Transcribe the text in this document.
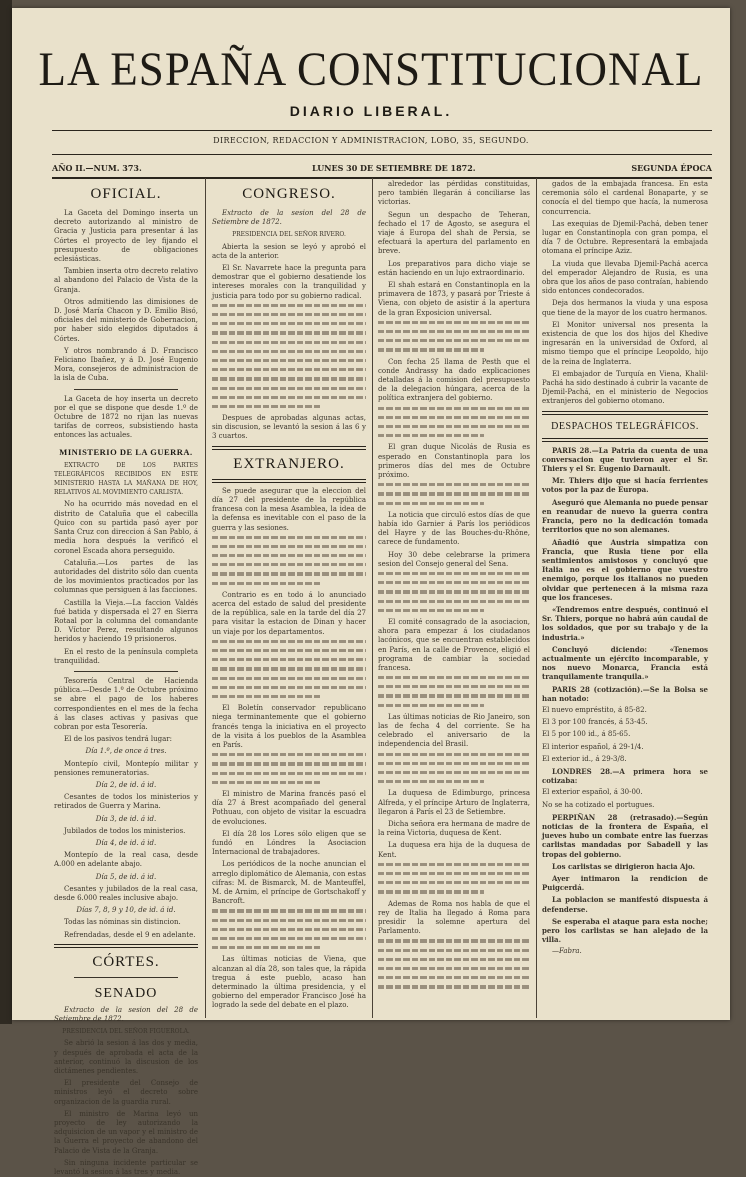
LA ESPAÑA CONSTITUCIONAL
DIARIO LIBERAL.
DIRECCION, REDACCION Y ADMINISTRACION, LOBO, 35, SEGUNDO.
AÑO II.—NUM. 373.	LUNES 30 DE SETIEMBRE DE 1872.	SEGUNDA ÉPOCA
OFICIAL.
La Gaceta del Domingo inserta un decreto autorizando al ministro de Gracia y Justicia para presentar á las Córtes el proyecto de ley fijando el presupuesto de obligaciones eclesiásticas.
Tambien inserta otro decreto relativo al abandono del Palacio de Vista de la Granja.
Otros admitiendo las dimisiones de D. José María Chacon y D. Emilio Bisó, oficiales del ministerio de Gobernacion, por haber sido elegidos diputados á Córtes.
Y otros nombrando á D. Francisco Feliciano Ibañez, y á D. José Eugenio Mora, consejeros de administracion de la isla de Cuba.
La Gaceta de hoy inserta un decreto por el que se dispone que desde 1.º de Octubre de 1872 no rijan las nuevas tarifas de correos, subsistiendo hasta entonces las actuales.
MINISTERIO DE LA GUERRA.
EXTRACTO DE LOS PARTES TELEGRÁFICOS RECIBIDOS EN ESTE MINISTERIO HASTA LA MAÑANA DE HOY, RELATIVOS AL MOVIMIENTO CARLISTA.
No ha ocurrido más novedad en el distrito de Cataluña que el cabecilla Quico con su partida pasó ayer por Santa Cruz con direccion á San Pablo, á media hora después la verificó el coronel Escada ahora perseguido.
Cataluña.—Los partes de las autoridades del distrito sólo dan cuenta de los movimientos practicados por las columnas que persiguen á las facciones.
Castilla la Vieja.—La faccion Valdés fué batida y dispersada el 27 en Sierra Rotaal por la columna del comandante D. Víctor Perez, resultando algunos heridos y haciendo 19 prisioneros.
En el resto de la península completa tranquilidad.
Tesorería Central de Hacienda pública.—Desde 1.º de Octubre próximo se abre el pago de los haberes correspondientes en el mes de la fecha á las clases activas y pasivas que cobran por esta Tesorería.
El de los pasivos tendrá lugar:
Día 1.º, de once á tres.
Montepío civil, Montepío militar y pensiones remuneratorias.
Día 2, de id. á id.
Cesantes de todos los ministerios y retirados de Guerra y Marina.
Día 3, de id. á id.
Jubilados de todos los ministerios.
Día 4, de id. á id.
Montepío de la real casa, desde A.000 en adelante abajo.
Día 5, de id. á id.
Cesantes y jubilados de la real casa, desde 6.000 reales inclusive abajo.
Días 7, 8, 9 y 10, de id. á id.
Todas las nóminas sin distincion.
Refrendadas, desde el 9 en adelante.
CÓRTES.
SENADO
Extracto de la sesion del 28 de Setiembre de 1872.
PRESIDENCIA DEL SEÑOR FIGUEROLA.
Se abrió la sesion á las dos y media, y después de aprobada el acta de la anterior, continuó la discusion de los dictámenes pendientes.
El presidente del Consejo de ministros leyó el decreto sobre organizacion de la guardia rural.
El ministro de Marina leyó un proyecto de ley autorizando la adquisicion de un vapor y el ministro de la Guerra el proyecto de abandono del Palacio de Vista de la Granja.
Sin ninguna incidente particular se levantó la sesion á las tres y media.
CONGRESO.
Extracto de la sesion del 28 de Setiembre de 1872.
PRESIDENCIA DEL SEÑOR RIVERO.
Abierta la sesion se leyó y aprobó el acta de la anterior.
El Sr. Navarrete hace la pregunta para demostrar que el gobierno desatiende los intereses morales con la tranquilidad y justicia para todo por su gobierno radical.
Despues de aprobadas algunas actas, sin discusion, se levantó la sesion á las 6 y 3 cuartos.
EXTRANJERO.
Se puede asegurar que la eleccion del día 27 del presidente de la república francesa con la mesa Asamblea, la idea de la defensa es inevitable con el paso de la guerra y las sesiones.
Contrario es en todo á lo anunciado acerca del estado de salud del presidente de la república, sale en la tarde del día 27 para visitar la estacion de Dinan y hacer un viaje por los departamentos.
El Boletín conservador republicano niega terminantemente que el gobierno francés tenga la iniciativa en el proyecto de la visita á los pueblos de la Asamblea en París.
El ministro de Marina francés pasó el día 27 á Brest acompañado del general Pothuau, con objeto de visitar la escuadra de evoluciones.
El día 28 los Lores sólo eligen que se fundó en Lóndres la Asociacion Internacional de trabajadores.
Los periódicos de la noche anuncian el arreglo diplomático de Alemania, con estas cifras: M. de Bismarck, M. de Manteuffel, M. de Arnim, el príncipe de Gortschakoff y Bancroft.
Las últimas noticias de Viena, que alcanzan al día 28, son tales que, la rápida tregua á este pueblo, acaso han determinado la última presidencia, y el gobierno del emperador Francisco José ha logrado la sede del debate en el plazo.
alrededor las pérdidas constituidas, pero también llegarán á conciliarse las victorias.
Segun un despacho de Teheran, fechado el 17 de Agosto, se asegura el viaje á Europa del shah de Persia, se efectuará la apertura del parlamento en breve.
Los preparativos para dicho viaje se están haciendo en un lujo extraordinario.
El shah estará en Constantinopla en la primavera de 1873, y pasará por Trieste á Viena, con objeto de asistir á la apertura de la gran Exposicion universal.
Con fecha 25 llama de Pesth que el conde Andrassy ha dado explicaciones detalladas á la comision del presupuesto de la delegacion húngara, acerca de la política extranjera del gobierno.
El gran duque Nicolás de Rusia es esperado en Constantinopla para los primeros días del mes de Octubre próximo.
La noticia que circuló estos días de que había ido Garnier á París los periódicos del Hayre y de las Bouches-du-Rhône, carece de fundamento.
Hoy 30 debe celebrarse la primera sesion del Consejo general del Sena.
El comité consagrado de la asociacion, ahora para empezar á los ciudadanos lacónicos, que se encuentran establecidos en París, en la calle de Provence, eligió el programa de cambiar la sociedad francesa.
Las últimas noticias de Rio Janeiro, son las de fecha 4 del corriente. Se ha celebrado el aniversario de la independencia del Brasil.
La duquesa de Edimburgo, princesa Alfreda, y el príncipe Arturo de Inglaterra, llegaron á París el 23 de Setiembre.
Dicha señora era hermana de madre de la reina Victoria, duquesa de Kent.
La duquesa era hija de la duquesa de Kent.
Ademas de Roma nos habla de que el rey de Italia ha llegado á Roma para presidir la solemne apertura del Parlamento.
gados de la embajada francesa. En esta ceremonia sólo el cardenal Bonaparte, y se conocía el del tiempo que hacía, la numerosa concurrencia.
Las exequias de Djemil-Pachá, deben tener lugar en Constantinopla con gran pompa, el día 7 de Octubre. Representará la embajada otomana el príncipe Aziz.
La viuda que llevaba Djemil-Pachá acerca del emperador Alejandro de Rusia, es una obra que los años de paso contraían, habiendo sido entonces condecorados.
Deja dos hermanos la viuda y una esposa que tiene de la mayor de los cuatro hermanos.
El Monitor universal nos presenta la existencia de que los dos hijos del Khedive ingresarán en la universidad de Oxford, al mismo tiempo que el príncipe Leopoldo, hijo de la reina de Inglaterra.
El embajador de Turquía en Viena, Khalil-Pachá ha sido destinado á cubrir la vacante de Djemil-Pachá, en el ministerio de Negocios extranjeros del gobierno otomano.
DESPACHOS TELEGRÁFICOS.
PARIS 28.—La Patria da cuenta de una conversacion que tuvieron ayer el Sr. Thiers y el Sr. Eugenio Darnault.
Mr. Thiers dijo que si hacía ferrientes votos por la paz de Europa.
Aseguró que Alemania no puede pensar en reanudar de nuevo la guerra contra Francia, pero no la dedicación tomada territorios que no son alemanes.
Añadió que Austria simpatiza con Francia, que Rusia tiene por ella sentimientos amistosos y concluyó que Italia no es el gobierno que vuestro enemigo, porque los italianos no pueden olvidar que pertenecen á la misma raza que los franceses.
«Tendremos entre después, continuó el Sr. Thiers, porque no habrá aún caudal de los soldados, que por su trabajo y de la industria.»
Concluyó diciendo: «Tenemos actualmente un ejército incomparable, y nos nuevo Monarca, Francia está tranquilamente tranquila.»
PARIS 28 (cotización).—Se la Bolsa se han notado:
El nuevo empréstito, á 85-82.
El 3 por 100 francés, á 53-45.
El 5 por 100 id., á 85-65.
El interior español, á 29-1/4.
El exterior id., á 29-3/8.
LONDRES 28.—A primera hora se cotizaba:
El exterior español, á 30-00.
No se ha cotizado el portugues.
PERPIÑAN 28 (retrasado).—Según noticias de la frontera de España, el jueves hubo un combate entre las fuerzas carlistas mandadas por Sabadell y las tropas del gobierno.
Los carlistas se dirigieron hacia Ajo.
Ayer intimaron la rendicion de Puigcerdá.
La poblacion se manifestó dispuesta á defenderse.
Se esperaba el ataque para esta noche; pero los carlistas se han alejado de la villa.
—Fabra.
